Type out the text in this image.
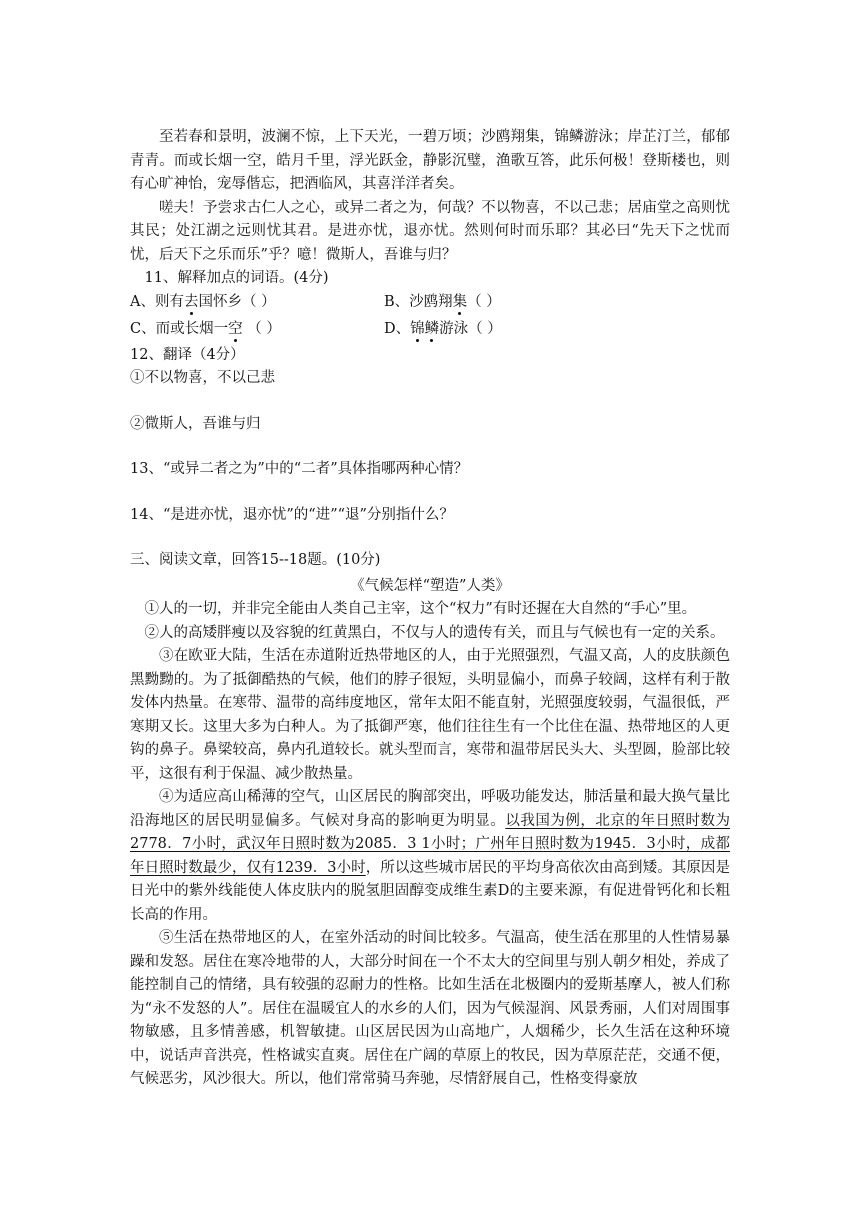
至若春和景明，波澜不惊，上下天光，一碧万顷；沙鸥翔集，锦鳞游泳；岸芷汀兰，郁郁青青。而或长烟一空，皓月千里，浮光跃金，静影沉璧，渔歌互答，此乐何极！登斯楼也，则有心旷神怡，宠辱偕忘，把酒临风，其喜洋洋者矣。

嗟夫！予尝求古仁人之心，或异二者之为，何哉？不以物喜，不以己悲；居庙堂之高则忧其民；处江湖之远则忧其君。是进亦忧，退亦忧。然则何时而乐耶？其必曰“先天下之忧而忧，后天下之乐而乐”乎？噫！微斯人，吾谁与归？

11、解释加点的词语。(4分)

A、则有去国怀乡（ ）	B、沙鸥翔集（ ）
C、而或长烟一空 （ ）	D、锦鳞游泳（ ）

12、翻译（4分）

①不以物喜，不以己悲

②微斯人，吾谁与归

13、“或异二者之为”中的“二者”具体指哪两种心情？

14、“是进亦忧，退亦忧”的“进”“退”分别指什么？

三、阅读文章，回答15--18题。(10分)

《气候怎样“塑造”人类》

①人的一切，并非完全能由人类自己主宰，这个“权力”有时还握在大自然的“手心”里。

②人的高矮胖瘦以及容貌的红黄黑白，不仅与人的遗传有关，而且与气候也有一定的关系。

③在欧亚大陆，生活在赤道附近热带地区的人，由于光照强烈，气温又高，人的皮肤颜色黑黝黝的。为了抵御酷热的气候，他们的脖子很短，头明显偏小，而鼻子较阔，这样有利于散发体内热量。在寒带、温带的高纬度地区，常年太阳不能直射，光照强度较弱，气温很低，严寒期又长。这里大多为白种人。为了抵御严寒，他们往往生有一个比住在温、热带地区的人更钩的鼻子。鼻梁较高，鼻内孔道较长。就头型而言，寒带和温带居民头大、头型圆，脸部比较平，这很有利于保温、减少散热量。

④为适应高山稀薄的空气，山区居民的胸部突出，呼吸功能发达，肺活量和最大换气量比沿海地区的居民明显偏多。气候对身高的影响更为明显。以我国为例，北京的年日照时数为2778．7小时，武汉年日照时数为2085．3 1小时；广州年日照时数为1945．3小时，成都年日照时数最少，仅有1239．3小时，所以这些城市居民的平均身高依次由高到矮。其原因是日光中的紫外线能使人体皮肤内的脱氢胆固醇变成维生素D的主要来源，有促进骨钙化和长粗长高的作用。

⑤生活在热带地区的人，在室外活动的时间比较多。气温高，使生活在那里的人性情易暴躁和发怒。居住在寒冷地带的人，大部分时间在一个不太大的空间里与别人朝夕相处，养成了能控制自己的情绪，具有较强的忍耐力的性格。比如生活在北极圈内的爱斯基摩人，被人们称为“永不发怒的人”。居住在温暖宜人的水乡的人们，因为气候湿润、风景秀丽，人们对周围事物敏感，且多情善感，机智敏捷。山区居民因为山高地广，人烟稀少，长久生活在这种环境中，说话声音洪亮，性格诚实直爽。居住在广阔的草原上的牧民，因为草原茫茫，交通不便，气候恶劣，风沙很大。所以，他们常常骑马奔驰，尽情舒展自己，性格变得豪放
